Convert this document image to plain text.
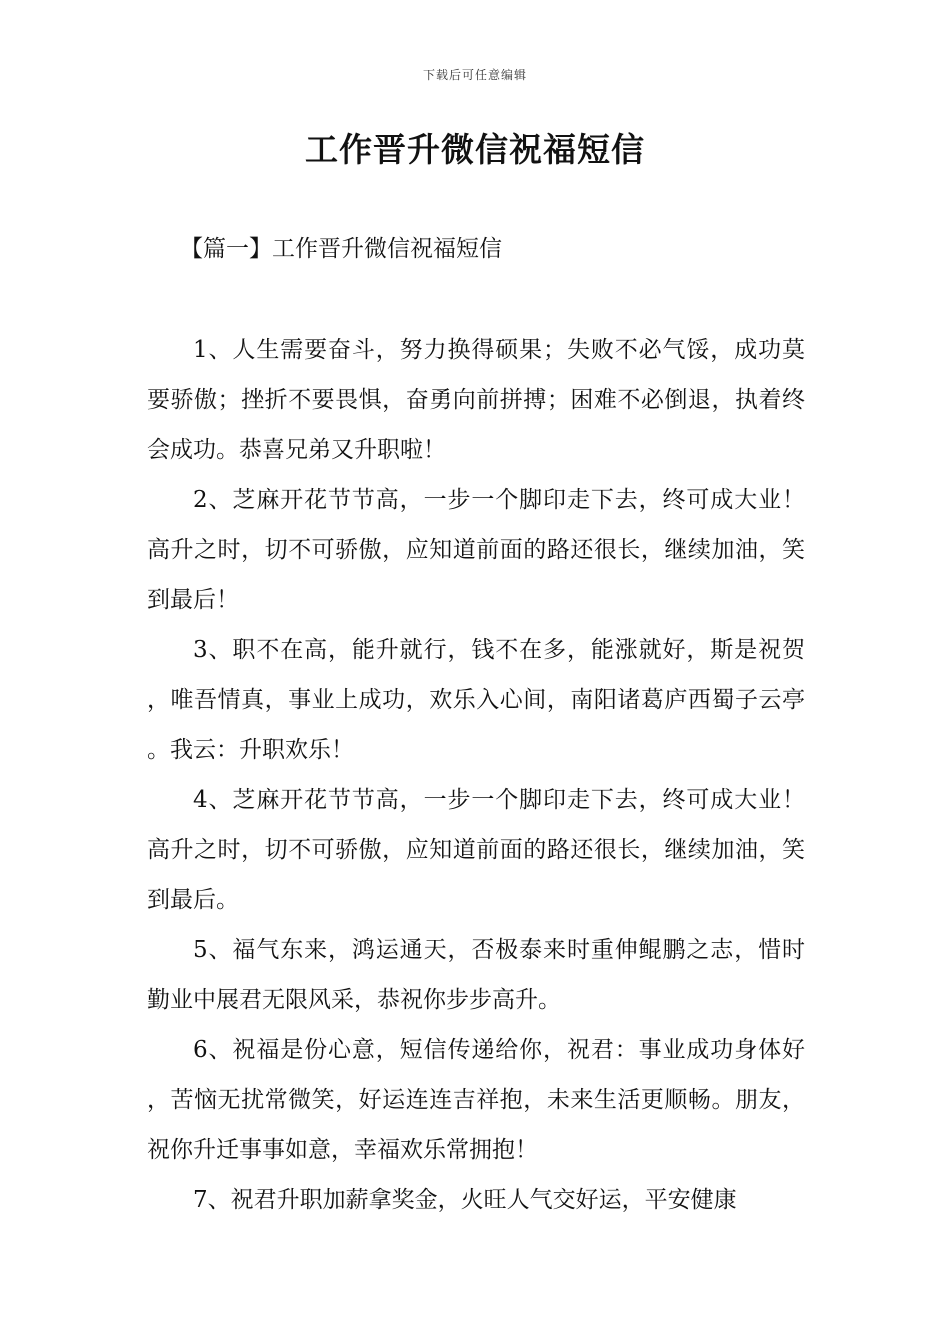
下载后可任意编辑
工作晋升微信祝福短信
【篇一】工作晋升微信祝福短信

1、人生需要奋斗，努力换得硕果；失败不必气馁，成功莫要骄傲；挫折不要畏惧，奋勇向前拼搏；困难不必倒退，执着终会成功。恭喜兄弟又升职啦！

2、芝麻开花节节高，一步一个脚印走下去，终可成大业！高升之时，切不可骄傲，应知道前面的路还很长，继续加油，笑到最后！

3、职不在高，能升就行，钱不在多，能涨就好，斯是祝贺，唯吾情真，事业上成功，欢乐入心间，南阳诸葛庐西蜀子云亭。我云：升职欢乐！

4、芝麻开花节节高，一步一个脚印走下去，终可成大业！高升之时，切不可骄傲，应知道前面的路还很长，继续加油，笑到最后。

5、福气东来，鸿运通天，否极泰来时重伸鲲鹏之志，惜时勤业中展君无限风采，恭祝你步步高升。

6、祝福是份心意，短信传递给你，祝君：事业成功身体好，苦恼无扰常微笑，好运连连吉祥抱，未来生活更顺畅。朋友，祝你升迁事事如意，幸福欢乐常拥抱！

7、祝君升职加薪拿奖金，火旺人气交好运，平安健康
